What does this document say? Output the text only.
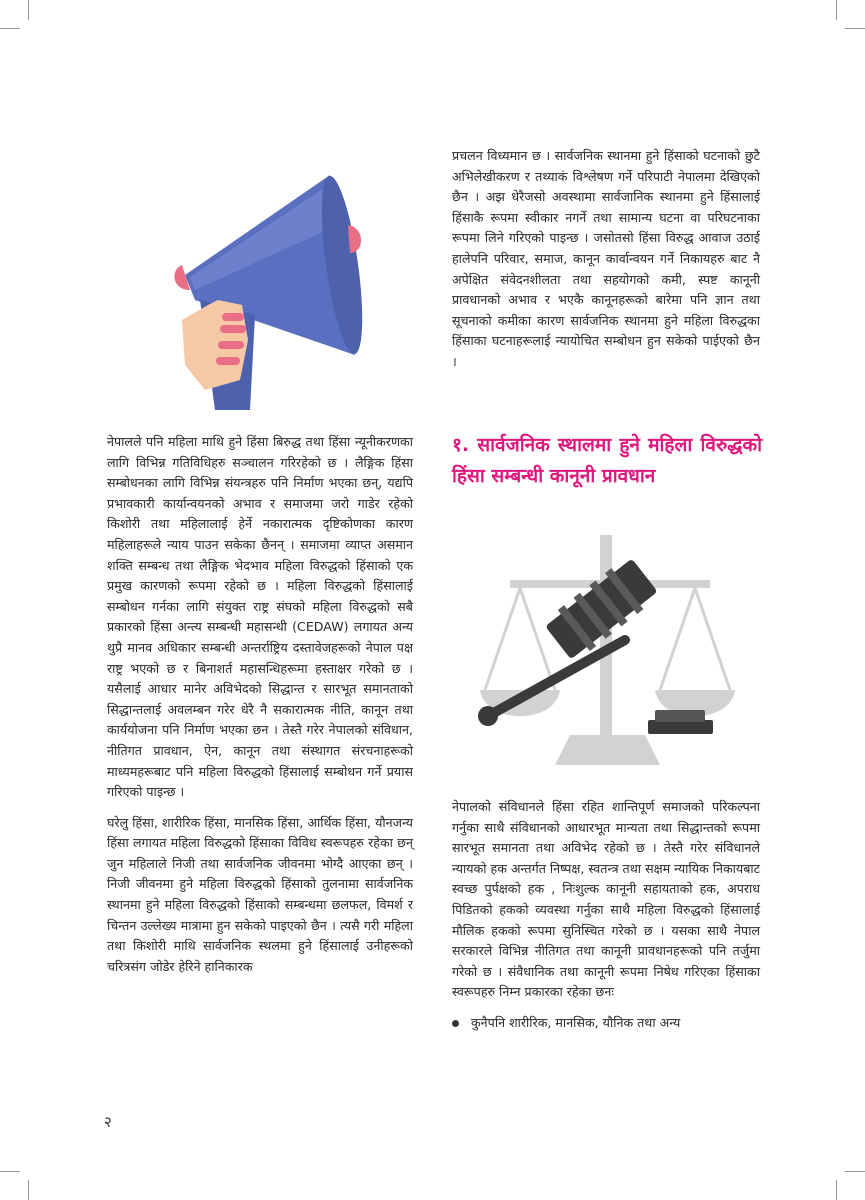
प्रचलन विध्यमान छ । सार्वजनिक स्थानमा हुने हिंसाको घटनाको छुटै अभिलेखीकरण र तथ्याकं विश्लेषण गर्ने परिपाटी नेपालमा देखिएको छैन । अझ धेरैजसो अवस्थामा सार्वजानिक स्थानमा हुने हिंसालाई हिंसाकै रूपमा स्वीकार नगर्ने तथा सामान्य घटना वा परिघटनाका रूपमा लिने गरिएको पाइन्छ । जसोतसो हिंसा विरुद्ध आवाज उठाई हालेपनि परिवार, समाज, कानून कार्वान्वयन गर्ने निकायहरु बाट नै अपेक्षित संवेदनशीलता तथा सहयोगको कमी, स्पष्ट कानूनी प्रावधानको अभाव र भएकै कानूनहरूको बारेमा पनि ज्ञान तथा सूचनाको कमीका कारण सार्वजनिक स्थानमा हुने महिला विरुद्धका हिंसाका घटनाहरूलाई न्यायोचित सम्बोधन हुन सकेको पाईएको छैन ।

१. सार्वजनिक स्थालमा हुने महिला विरुद्धको हिंसा सम्बन्धी कानूनी प्रावधान

नेपालले पनि महिला माथि हुने हिंसा बिरुद्ध तथा हिंसा न्यूनीकरणका लागि विभिन्न गतिविधिहरु सञ्चालन गरिरहेको छ । लैङ्गिक हिंसा सम्बोधनका लागि विभिन्न संयन्त्रहरु पनि निर्माण भएका छन्, यद्यपि प्रभावकारी कार्यान्वयनको अभाव र समाजमा जरो गाडेर रहेको किशोरी तथा महिलालाई हेर्ने नकारात्मक दृष्टिकोणका कारण महिलाहरूले न्याय पाउन सकेका छैनन् । समाजमा व्याप्त असमान शक्ति सम्बन्ध तथा लैङ्गिक भेदभाव महिला विरुद्धको हिंसाको एक प्रमुख कारणको रूपमा रहेको छ । महिला विरुद्धको हिंसालाई सम्बोधन गर्नका लागि संयुक्त राष्ट्र संघको महिला विरुद्धको सबै प्रकारको हिंसा अन्त्य सम्बन्धी महासन्धी (CEDAW) लगायत अन्य थुप्रै मानव अधिकार सम्बन्धी अन्तर्राष्ट्रिय दस्तावेजहरूको नेपाल पक्ष राष्ट्र भएको छ र बिनाशर्त महासन्धिहरूमा हस्ताक्षर गरेको छ । यसैलाई आधार मानेर अविभेदको सिद्धान्त र सारभूत समानताको सिद्धान्तलाई अवलम्बन गरेर धेरै नै सकारात्मक नीति, कानून तथा कार्ययोजना पनि निर्माण भएका छन । तेस्तै गरेर नेपालको संविधान, नीतिगत प्रावधान, ऐन, कानून तथा संस्थागत संरचनाहरूको माध्यमहरूबाट पनि महिला विरुद्धको हिंसालाई सम्बोधन गर्ने प्रयास गरिएको पाइन्छ ।

घरेलु हिंसा, शारीरिक हिंसा, मानसिक हिंसा, आर्थिक हिंसा, यौनजन्य हिंसा लगायत महिला विरुद्धको हिंसाका विविध स्वरूपहरु रहेका छन् जुन महिलाले निजी तथा सार्वजनिक जीवनमा भोग्दै आएका छन् । निजी जीवनमा हुने महिला विरुद्धको हिंसाको तुलनामा सार्वजनिक स्थानमा हुने महिला विरुद्धको हिंसाको सम्बन्धमा छलफल, विमर्श र चिन्तन उल्लेख्य मात्रामा हुन सकेको पाइएको छैन । त्यसै गरी महिला तथा किशोरी माथि सार्वजनिक स्थलमा हुने हिंसालाई उनीहरूको चरित्रसंग जोडेर हेरिने हानिकारक

नेपालको संविधानले हिंसा रहित शान्तिपूर्ण समाजको परिकल्पना गर्नुका साथै संविधानको आधारभूत मान्यता तथा सिद्धान्तको रूपमा सारभूत समानता तथा अविभेद रहेको छ । तेस्तै गरेर संविधानले न्यायको हक अन्तर्गत निष्पक्ष, स्वतन्त्र तथा सक्षम न्यायिक निकायबाट स्वच्छ पुर्पक्षको हक , निःशुल्क कानूनी सहायताको हक, अपराध पिडितको हकको व्यवस्था गर्नुका साथै महिला विरुद्धको हिंसालाई मौलिक हकको रूपमा सुनिस्चित गरेको छ । यसका साथै नेपाल सरकारले विभिन्न नीतिगत तथा कानूनी प्रावधानहरूको पनि तर्जुमा गरेको छ । संवैधानिक तथा कानूनी रूपमा निषेध गरिएका हिंसाका स्वरूपहरु निम्न प्रकारका रहेका छनः

कुनैपनि शारीरिक, मानसिक, यौनिक तथा अन्य
२
